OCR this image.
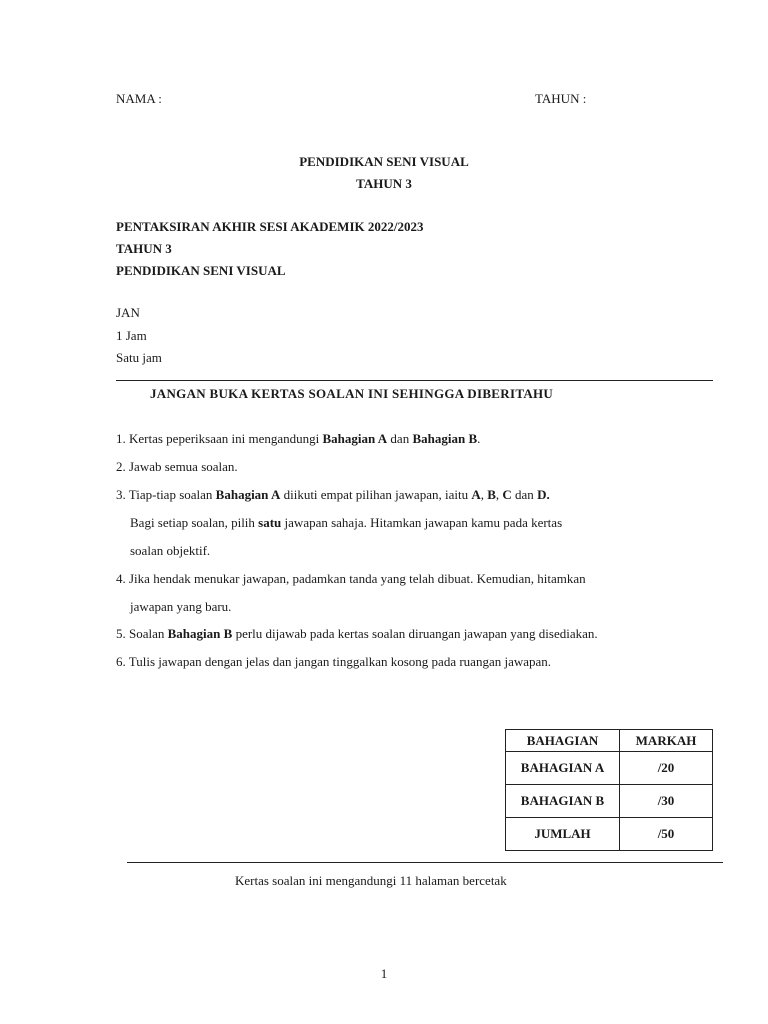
NAMA :	TAHUN :
PENDIDIKAN SENI VISUAL
TAHUN 3
PENTAKSIRAN AKHIR SESI AKADEMIK 2022/2023
TAHUN 3
PENDIDIKAN SENI VISUAL
JAN
1 Jam
Satu jam
JANGAN BUKA KERTAS SOALAN INI SEHINGGA DIBERITAHU
1. Kertas peperiksaan ini mengandungi Bahagian A dan Bahagian B.
2. Jawab semua soalan.
3. Tiap-tiap soalan Bahagian A diikuti empat pilihan jawapan, iaitu A, B, C dan D.
Bagi setiap soalan, pilih satu jawapan sahaja. Hitamkan jawapan kamu pada kertas
soalan objektif.
4. Jika hendak menukar jawapan, padamkan tanda yang telah dibuat. Kemudian, hitamkan
jawapan yang baru.
5. Soalan Bahagian B perlu dijawab pada kertas soalan diruangan jawapan yang disediakan.
6. Tulis jawapan dengan jelas dan jangan tinggalkan kosong pada ruangan jawapan.
BAHAGIAN	MARKAH
BAHAGIAN A	/20
BAHAGIAN B	/30
JUMLAH	/50
Kertas soalan ini mengandungi 11 halaman bercetak
1
